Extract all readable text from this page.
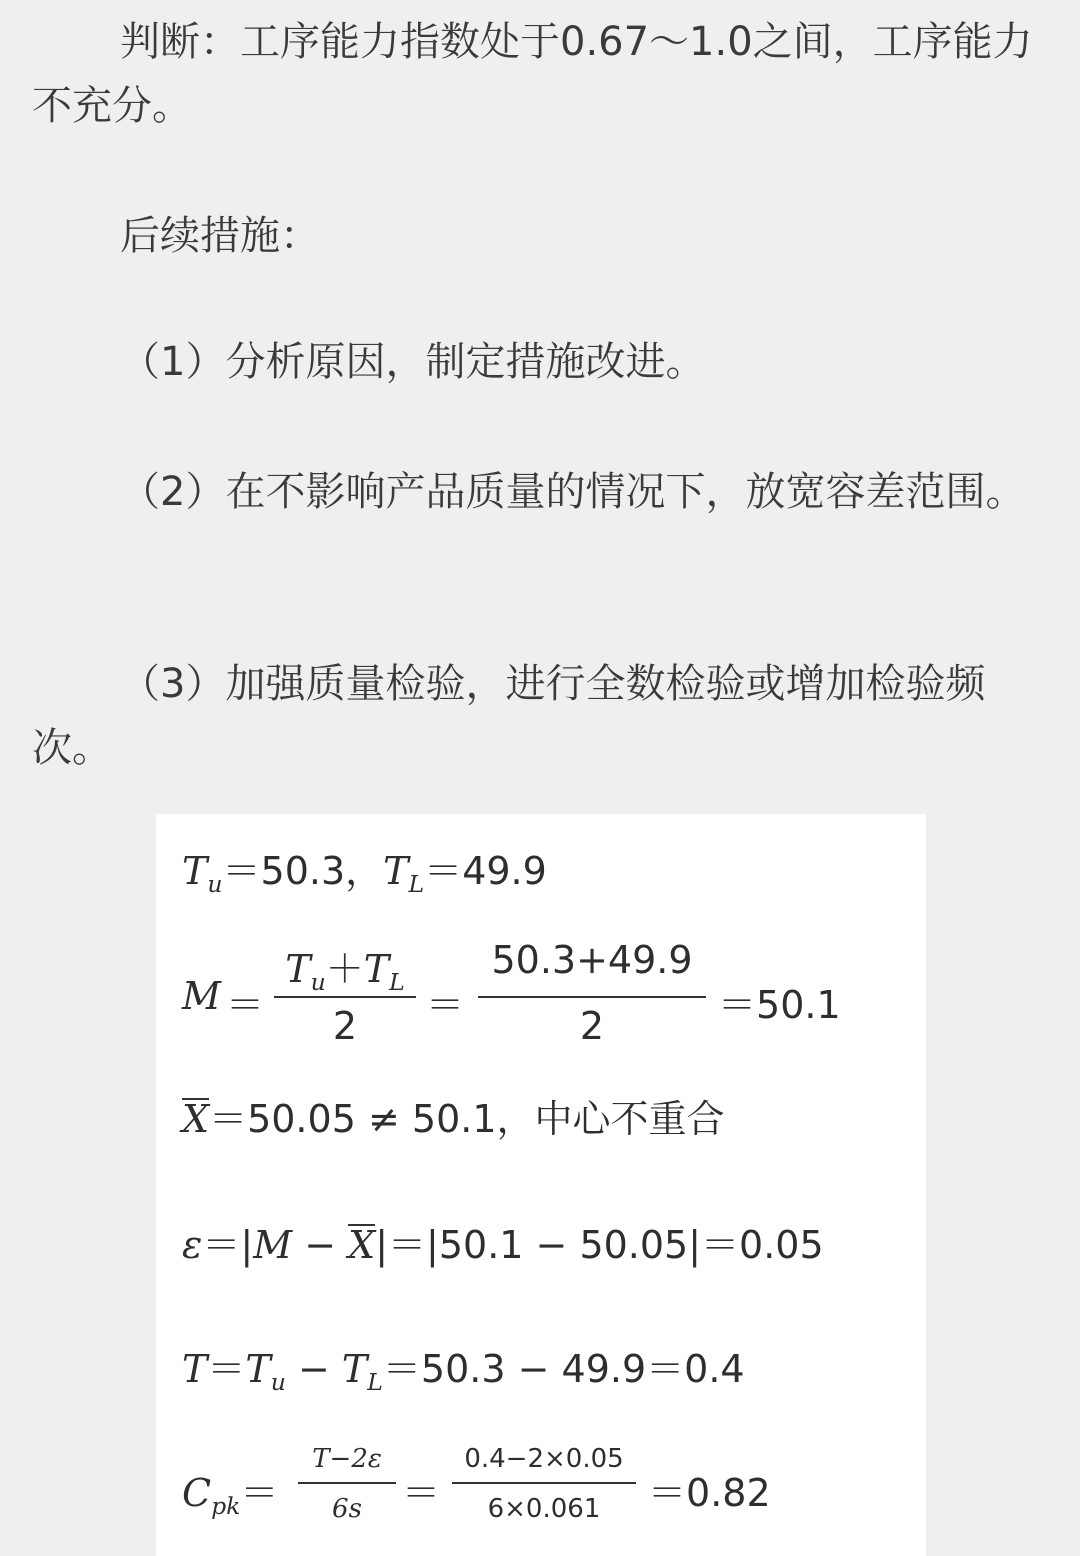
判断：工序能力指数处于0.67～1.0之间，工序能力不充分。

后续措施：

（1）分析原因，制定措施改进。

（2）在不影响产品质量的情况下，放宽容差范围。

（3）加强质量检验，进行全数检验或增加检验频次。

$T_u=50.3$，$T_L=49.9$
M ＝
$T_u+T_L$
2	＝
50.3+49.9
2	＝50.1
X＝50.05 ≠ 50.1，中心不重合
ε＝|M − X|＝|50.1 − 50.05|＝0.05
$T=T_u - T_L=50.3 - 49.9=0.4$
$C_{pk}=$
T−2ε
6s	＝
0.4−2×0.05
6×0.061	＝0.82
